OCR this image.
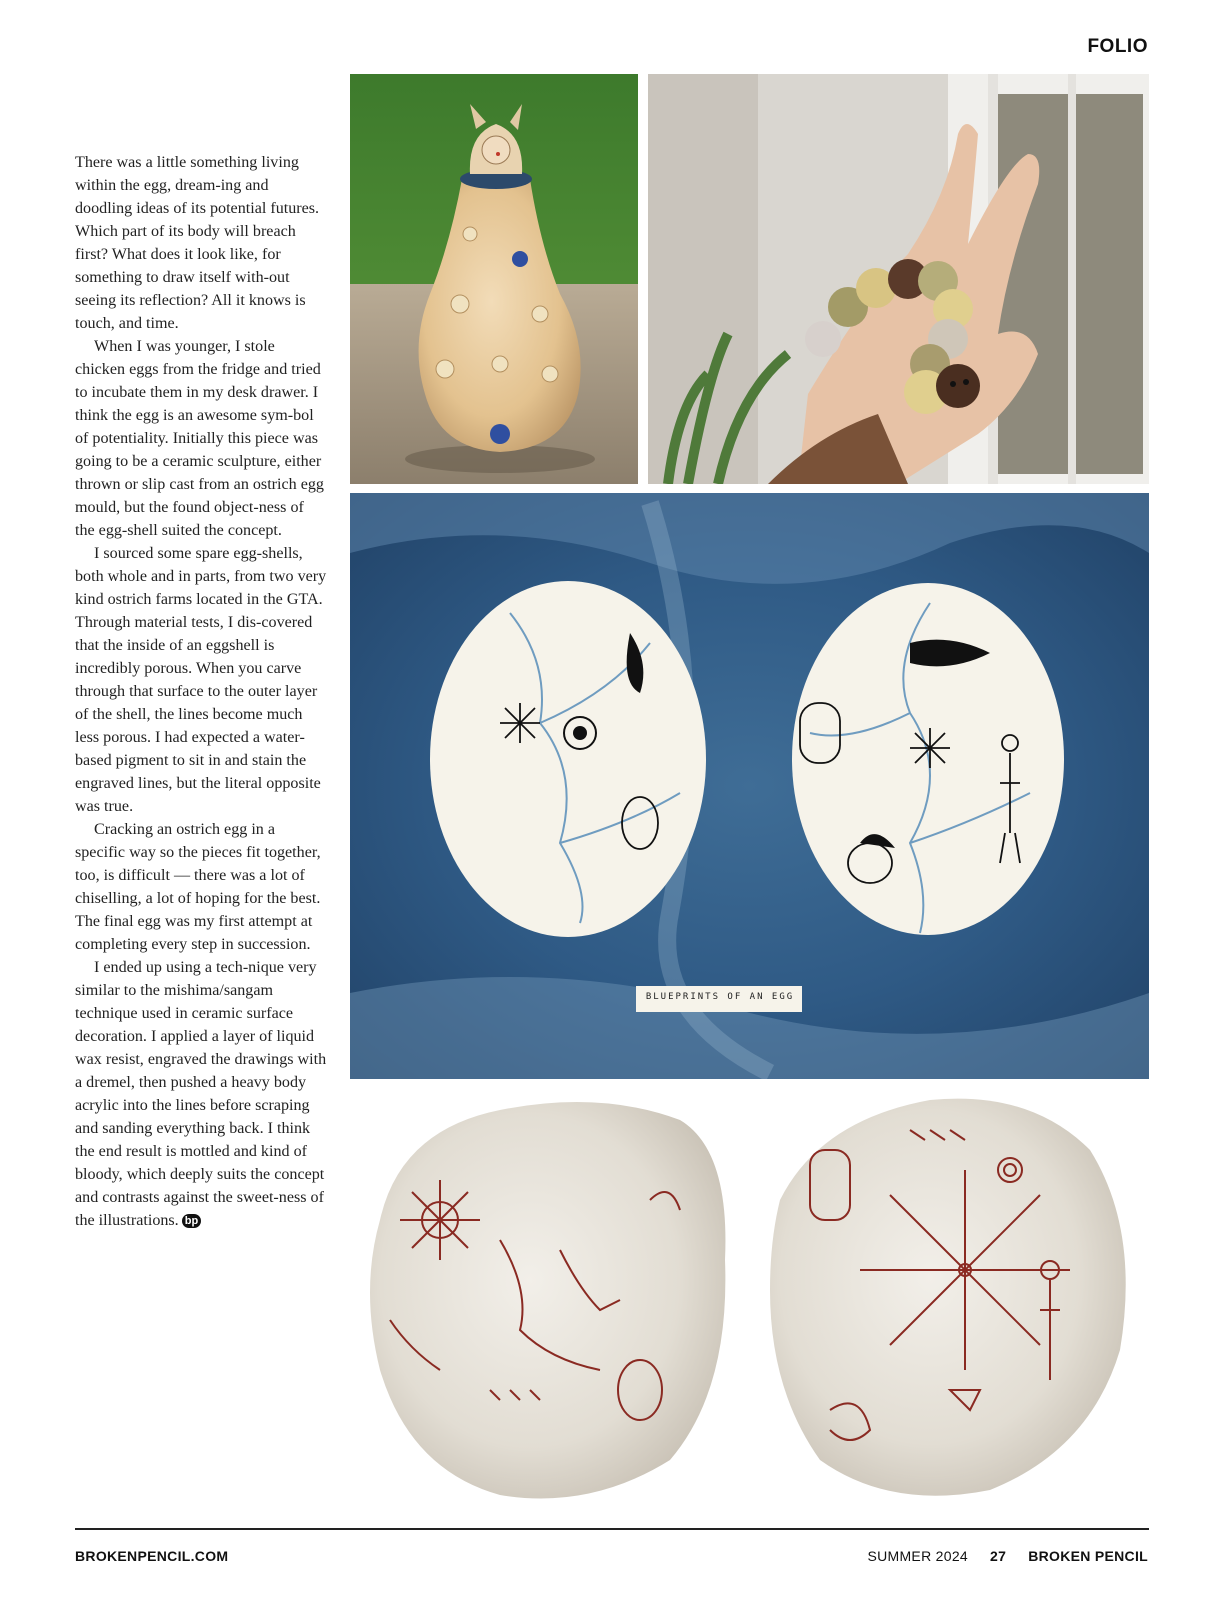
FOLIO

There was a little something living within the egg, dream-ing and doodling ideas of its potential futures. Which part of its body will breach first? What does it look like, for something to draw itself with-out seeing its reflection? All it knows is touch, and time.

When I was younger, I stole chicken eggs from the fridge and tried to incubate them in my desk drawer. I think the egg is an awesome sym-bol of potentiality. Initially this piece was going to be a ceramic sculpture, either thrown or slip cast from an ostrich egg mould, but the found object-ness of the egg-shell suited the concept.

I sourced some spare egg-shells, both whole and in parts, from two very kind ostrich farms located in the GTA. Through material tests, I dis-covered that the inside of an eggshell is incredibly porous. When you carve through that surface to the outer layer of the shell, the lines become much less porous. I had expected a water-based pigment to sit in and stain the engraved lines, but the literal opposite was true.

Cracking an ostrich egg in a specific way so the pieces fit together, too, is difficult — there was a lot of chiselling, a lot of hoping for the best. The final egg was my first attempt at completing every step in succession.

I ended up using a tech-nique very similar to the mishima/sangam technique used in ceramic surface decoration. I applied a layer of liquid wax resist, engraved the drawings with a dremel, then pushed a heavy body acrylic into the lines before scraping and sanding everything back. I think the end result is mottled and kind of bloody, which deeply suits the concept and contrasts against the sweet-ness of the illustrations. bp

BLUEPRINTS OF AN EGG
BROKENPENCIL.COM	SUMMER 2024 27 BROKEN PENCIL
